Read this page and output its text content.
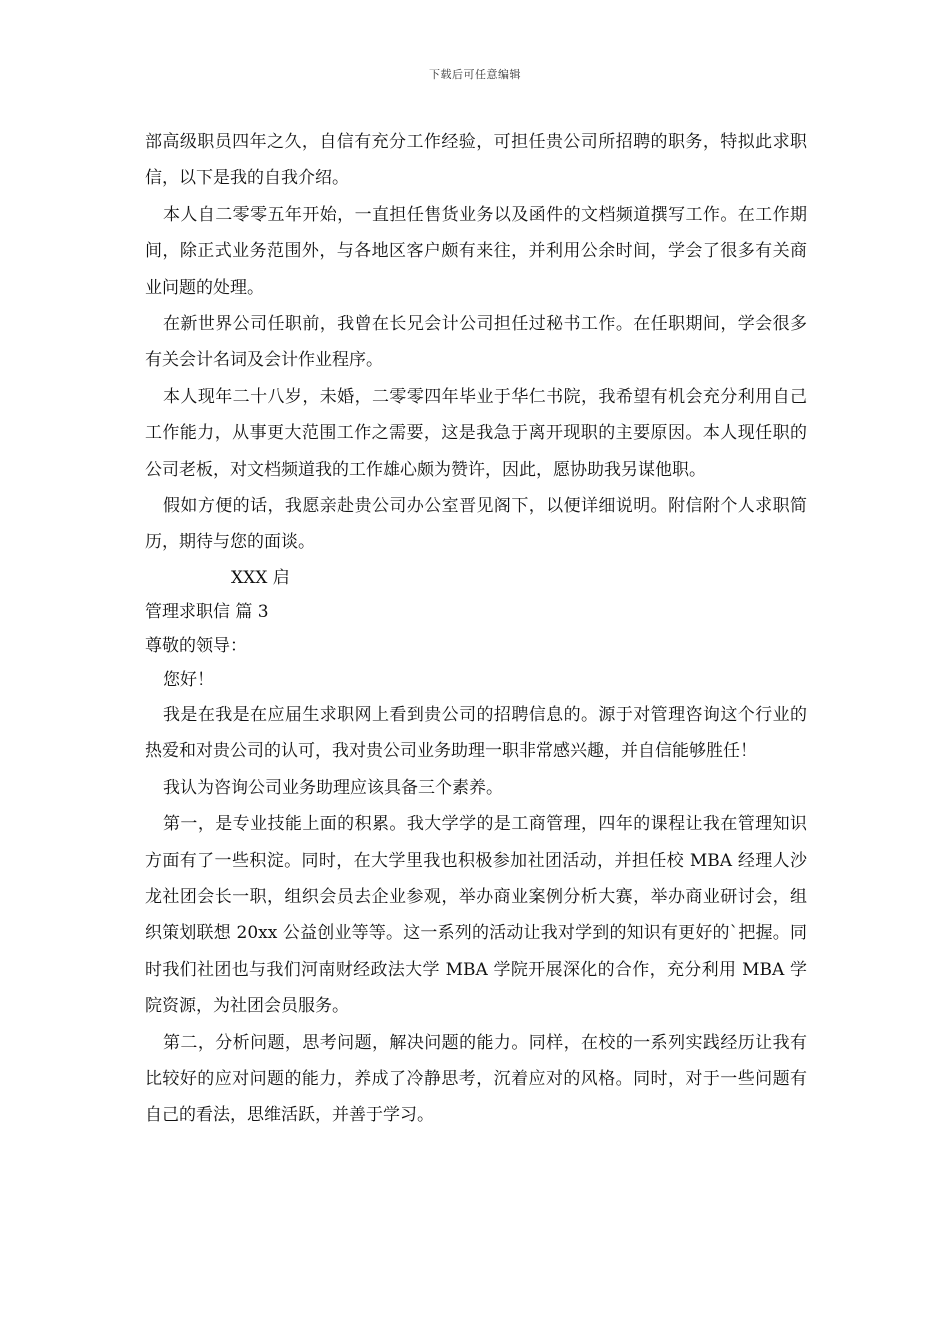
下载后可任意编辑

部高级职员四年之久，自信有充分工作经验，可担任贵公司所招聘的职务，特拟此求职信，以下是我的自我介绍。

本人自二零零五年开始，一直担任售货业务以及函件的文档频道撰写工作。在工作期间，除正式业务范围外，与各地区客户颇有来往，并利用公余时间，学会了很多有关商业问题的处理。

在新世界公司任职前，我曾在长兄会计公司担任过秘书工作。在任职期间，学会很多有关会计名词及会计作业程序。

本人现年二十八岁，未婚，二零零四年毕业于华仁书院，我希望有机会充分利用自己工作能力，从事更大范围工作之需要，这是我急于离开现职的主要原因。本人现任职的公司老板，对文档频道我的工作雄心颇为赞许，因此，愿协助我另谋他职。

假如方便的话，我愿亲赴贵公司办公室晋见阁下，以便详细说明。附信附个人求职简历，期待与您的面谈。

XXX 启

管理求职信 篇 3

尊敬的领导：

您好！

我是在我是在应届生求职网上看到贵公司的招聘信息的。源于对管理咨询这个行业的热爱和对贵公司的认可，我对贵公司业务助理一职非常感兴趣，并自信能够胜任！

我认为咨询公司业务助理应该具备三个素养。

第一，是专业技能上面的积累。我大学学的是工商管理，四年的课程让我在管理知识方面有了一些积淀。同时，在大学里我也积极参加社团活动，并担任校 MBA 经理人沙龙社团会长一职，组织会员去企业参观，举办商业案例分析大赛，举办商业研讨会，组织策划联想 20xx 公益创业等等。这一系列的活动让我对学到的知识有更好的`把握。同时我们社团也与我们河南财经政法大学 MBA 学院开展深化的合作，充分利用 MBA 学院资源，为社团会员服务。

第二，分析问题，思考问题，解决问题的能力。同样，在校的一系列实践经历让我有比较好的应对问题的能力，养成了冷静思考，沉着应对的风格。同时，对于一些问题有自己的看法，思维活跃，并善于学习。
